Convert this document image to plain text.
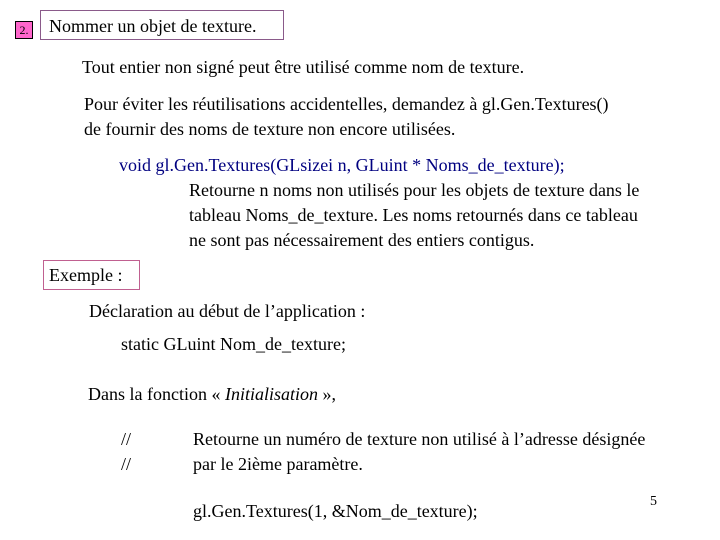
2.	Nommer un objet de texture.
Tout entier non signé peut être utilisé comme nom de texture.
Pour éviter les réutilisations accidentelles, demandez à gl.Gen.Textures()
de fournir des noms de texture non encore utilisées.
void gl.Gen.Textures(GLsizei n, GLuint * Noms_de_texture);
Retourne n noms non utilisés pour les objets de texture dans le
tableau Noms_de_texture. Les noms retournés dans ce tableau
ne sont pas nécessairement des entiers contigus.
Exemple :
Déclaration au début de l’application :
static GLuint Nom_de_texture;
Dans la fonction « Initialisation »,
//
//
Retourne un numéro de texture non utilisé à l’adresse désignée
par le 2ième paramètre.
gl.Gen.Textures(1, &Nom_de_texture);	5
